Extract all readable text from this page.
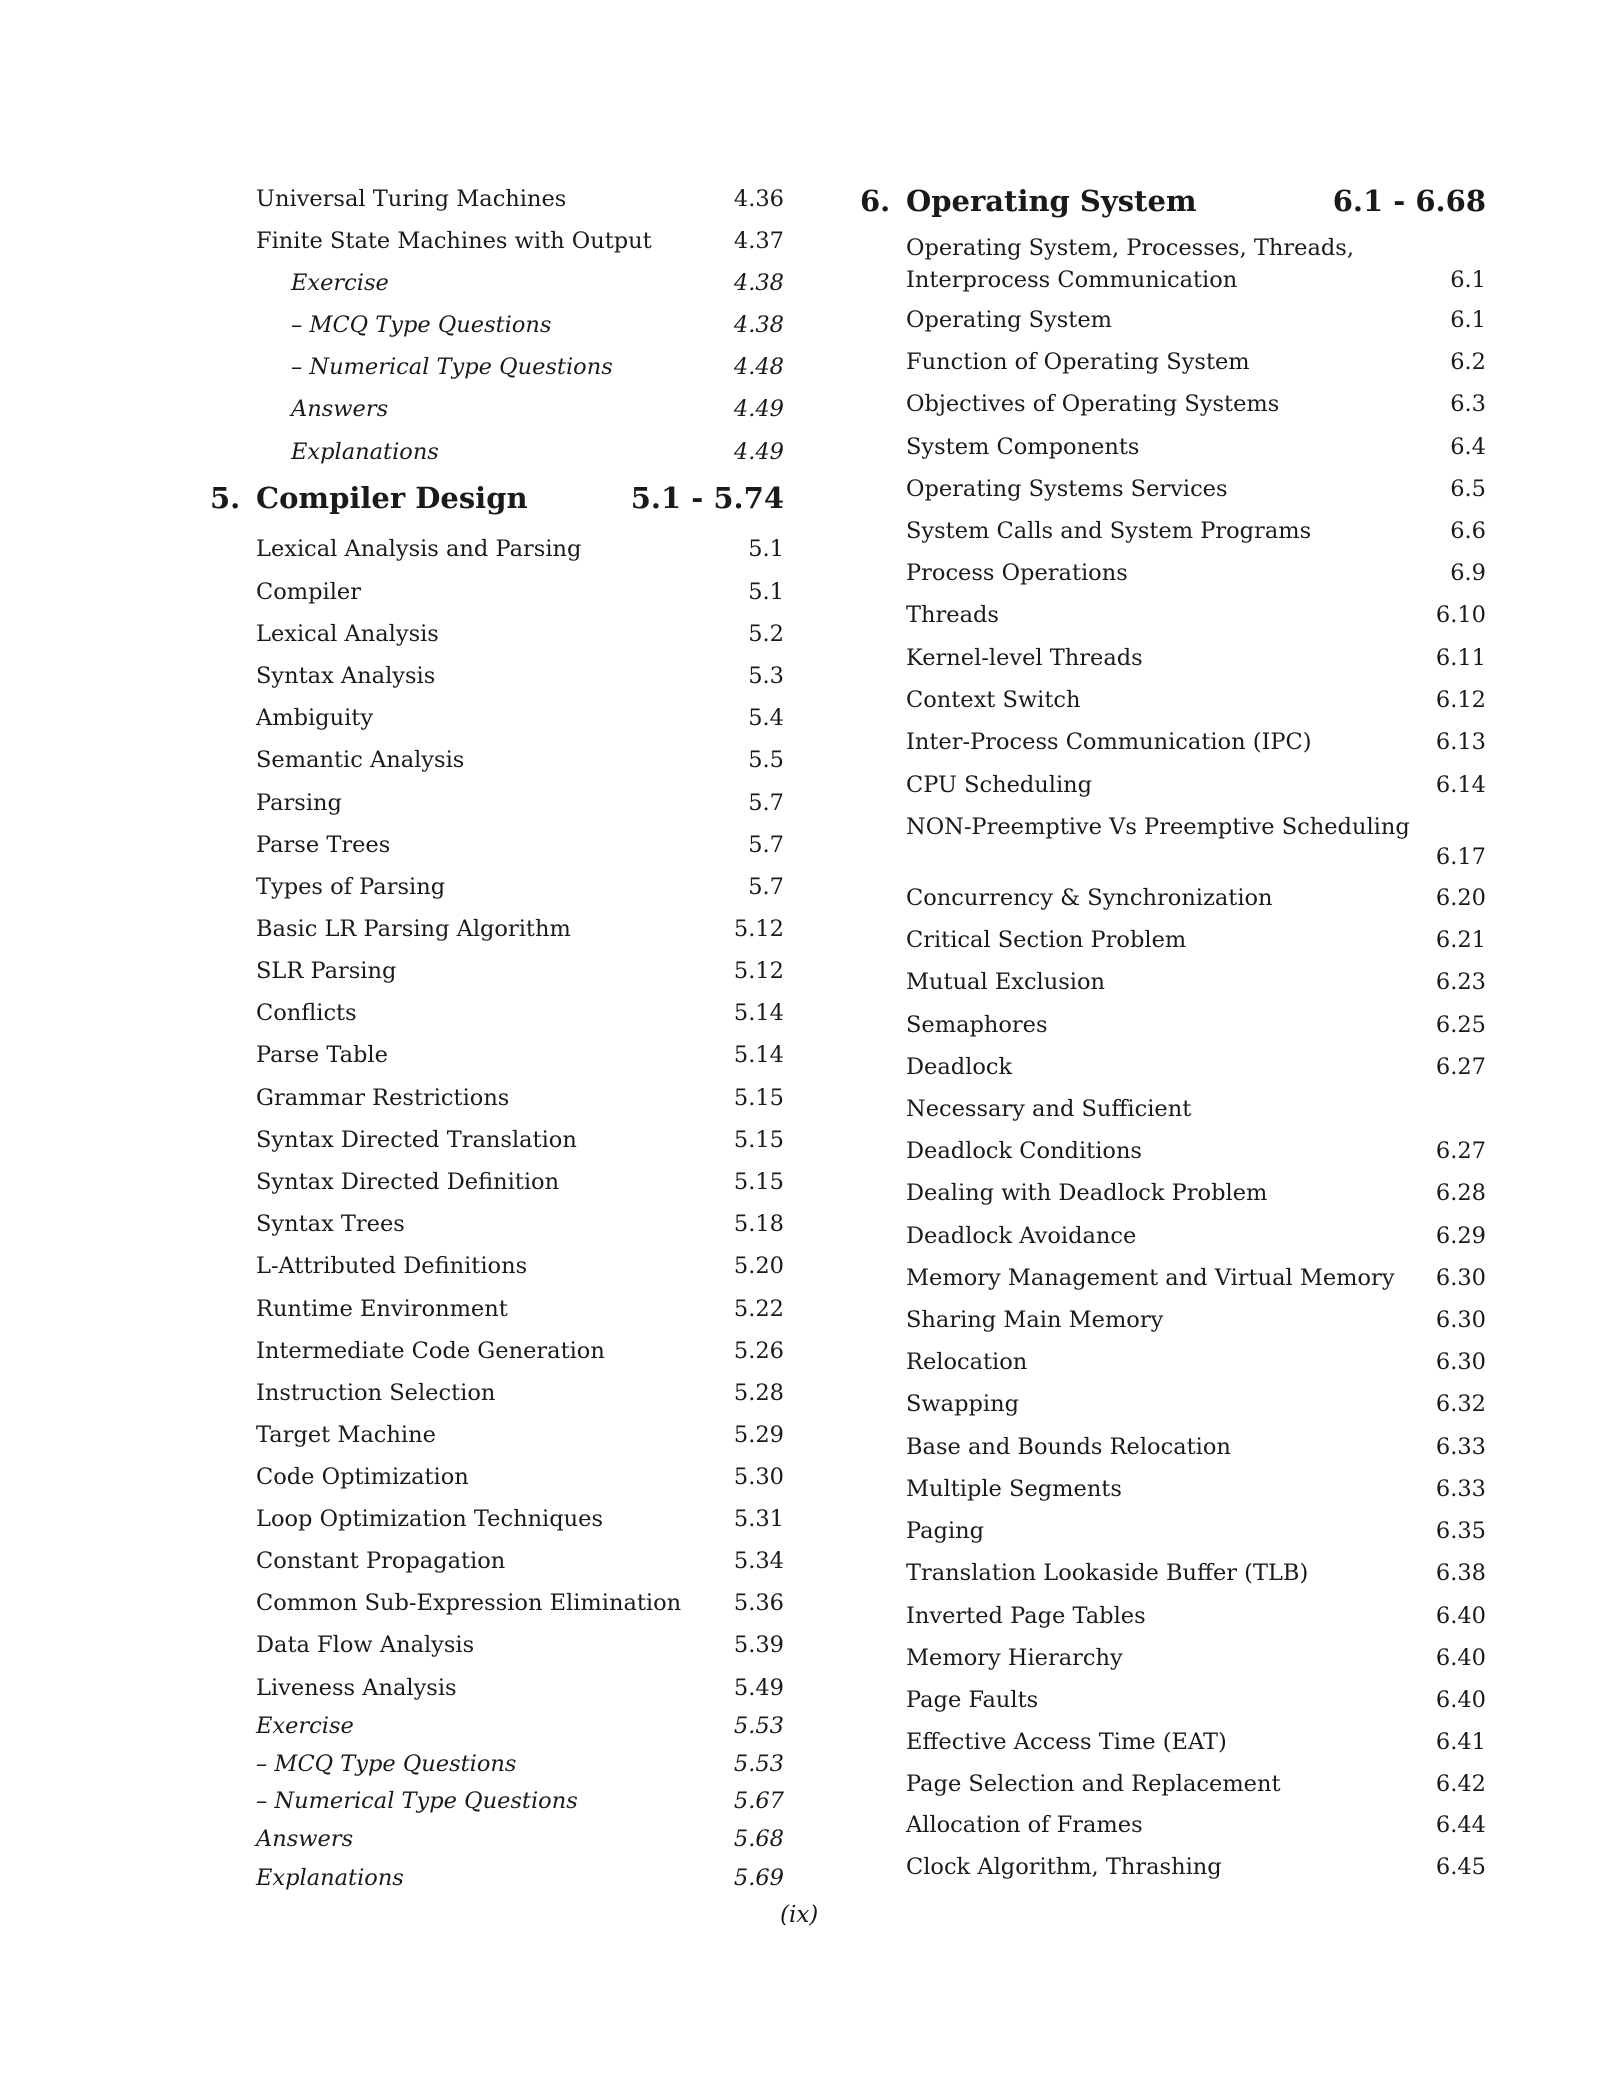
Universal Turing Machines	4.36
Finite State Machines with Output	4.37
Exercise	4.38
– MCQ Type Questions	4.38
– Numerical Type Questions	4.48
Answers	4.49
Explanations	4.49
5. Compiler Design	5.1 - 5.74
Lexical Analysis and Parsing	5.1
Compiler	5.1
Lexical Analysis	5.2
Syntax Analysis	5.3
Ambiguity	5.4
Semantic Analysis	5.5
Parsing	5.7
Parse Trees	5.7
Types of Parsing	5.7
Basic LR Parsing Algorithm	5.12
SLR Parsing	5.12
Conflicts	5.14
Parse Table	5.14
Grammar Restrictions	5.15
Syntax Directed Translation	5.15
Syntax Directed Definition	5.15
Syntax Trees	5.18
L-Attributed Definitions	5.20
Runtime Environment	5.22
Intermediate Code Generation	5.26
Instruction Selection	5.28
Target Machine	5.29
Code Optimization	5.30
Loop Optimization Techniques	5.31
Constant Propagation	5.34
Common Sub-Expression Elimination 5.36
Data Flow Analysis	5.39
Liveness Analysis	5.49
Exercise	5.53
– MCQ Type Questions	5.53
– Numerical Type Questions	5.67
Answers	5.68
Explanations	5.69
6. Operating System	6.1 - 6.68
Operating System, Processes, Threads,
Interprocess Communication	6.1
Operating System	6.1
Function of Operating System	6.2
Objectives of Operating Systems	6.3
System Components	6.4
Operating Systems Services	6.5
System Calls and System Programs	6.6
Process Operations	6.9
Threads	6.10
Kernel-level Threads	6.11
Context Switch	6.12
Inter-Process Communication (IPC)	6.13
CPU Scheduling	6.14
NON-Preemptive Vs Preemptive Scheduling
6.17
Concurrency & Synchronization	6.20
Critical Section Problem	6.21
Mutual Exclusion	6.23
Semaphores	6.25
Deadlock	6.27
Necessary and Sufficient
Deadlock Conditions	6.27
Dealing with Deadlock Problem	6.28
Deadlock Avoidance	6.29
Memory Management and Virtual Memory 6.30
Sharing Main Memory	6.30
Relocation	6.30
Swapping	6.32
Base and Bounds Relocation	6.33
Multiple Segments	6.33
Paging	6.35
Translation Lookaside Buffer (TLB)	6.38
Inverted Page Tables	6.40
Memory Hierarchy	6.40
Page Faults	6.40
Effective Access Time (EAT)	6.41
Page Selection and Replacement	6.42
Allocation of Frames	6.44
Clock Algorithm, Thrashing	6.45
(ix)
